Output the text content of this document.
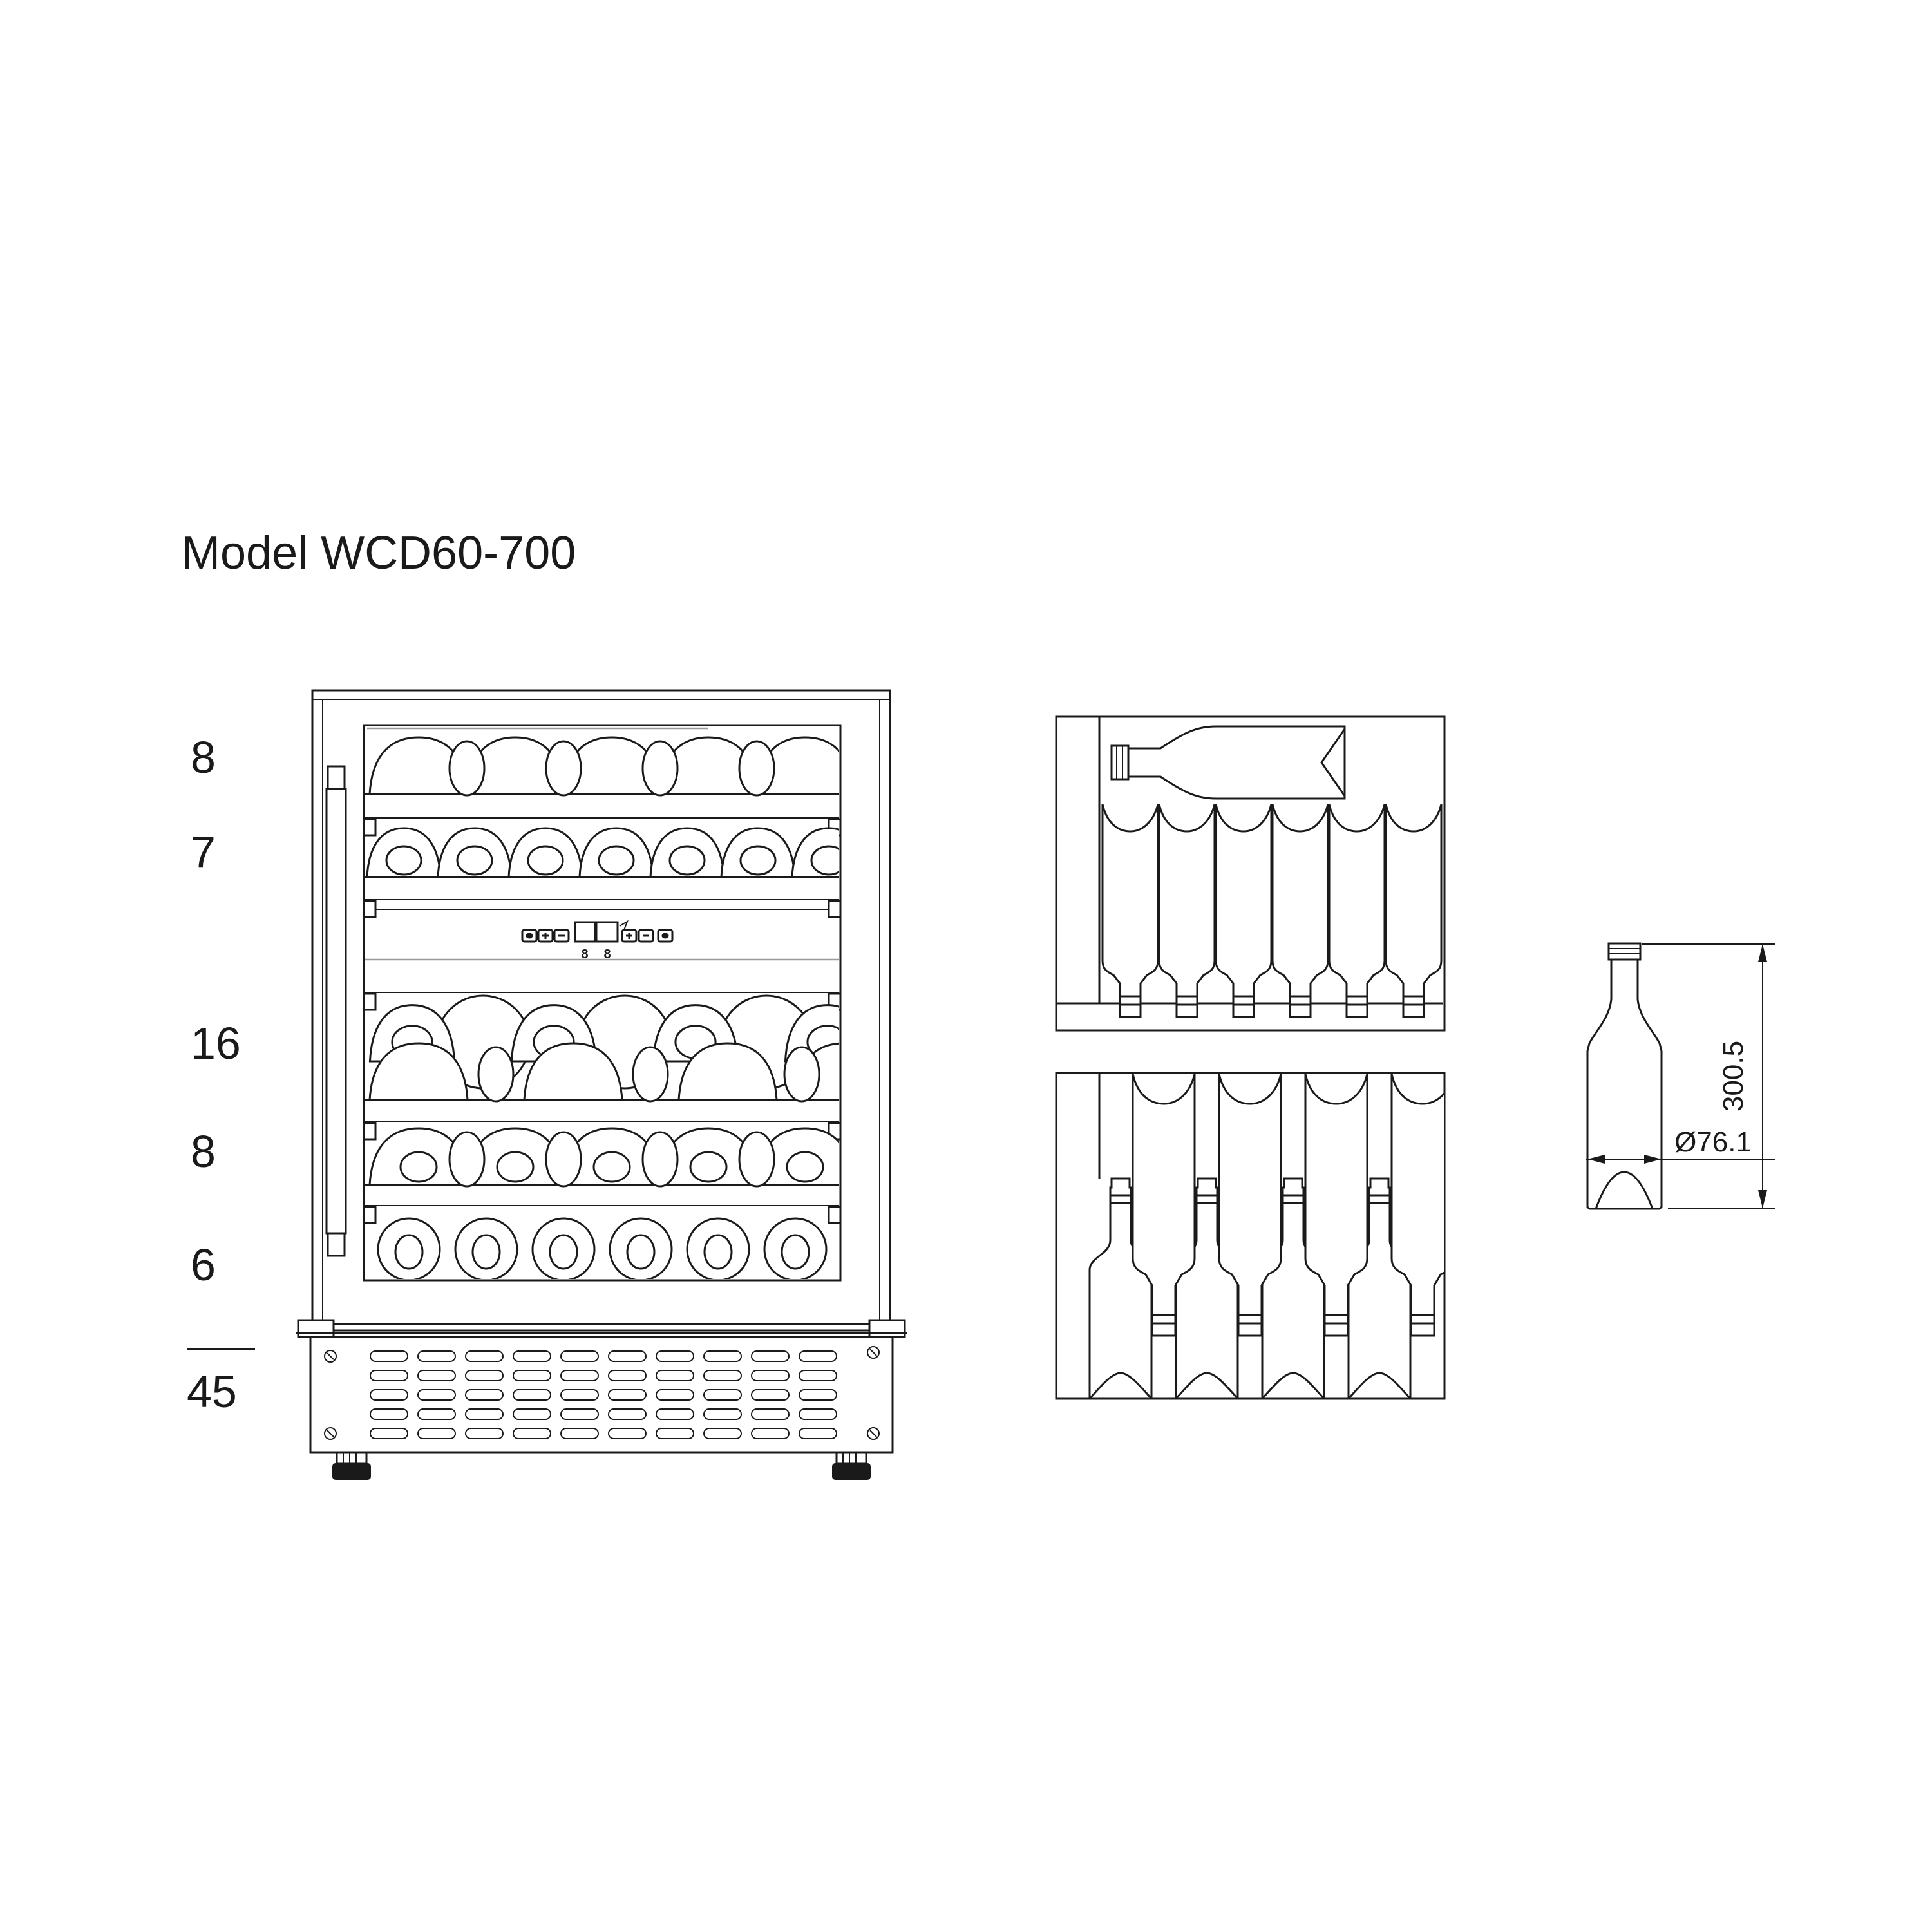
Model WCD60-700
8
7
16
8
6
45
8 8
300.5
Ø76.1
